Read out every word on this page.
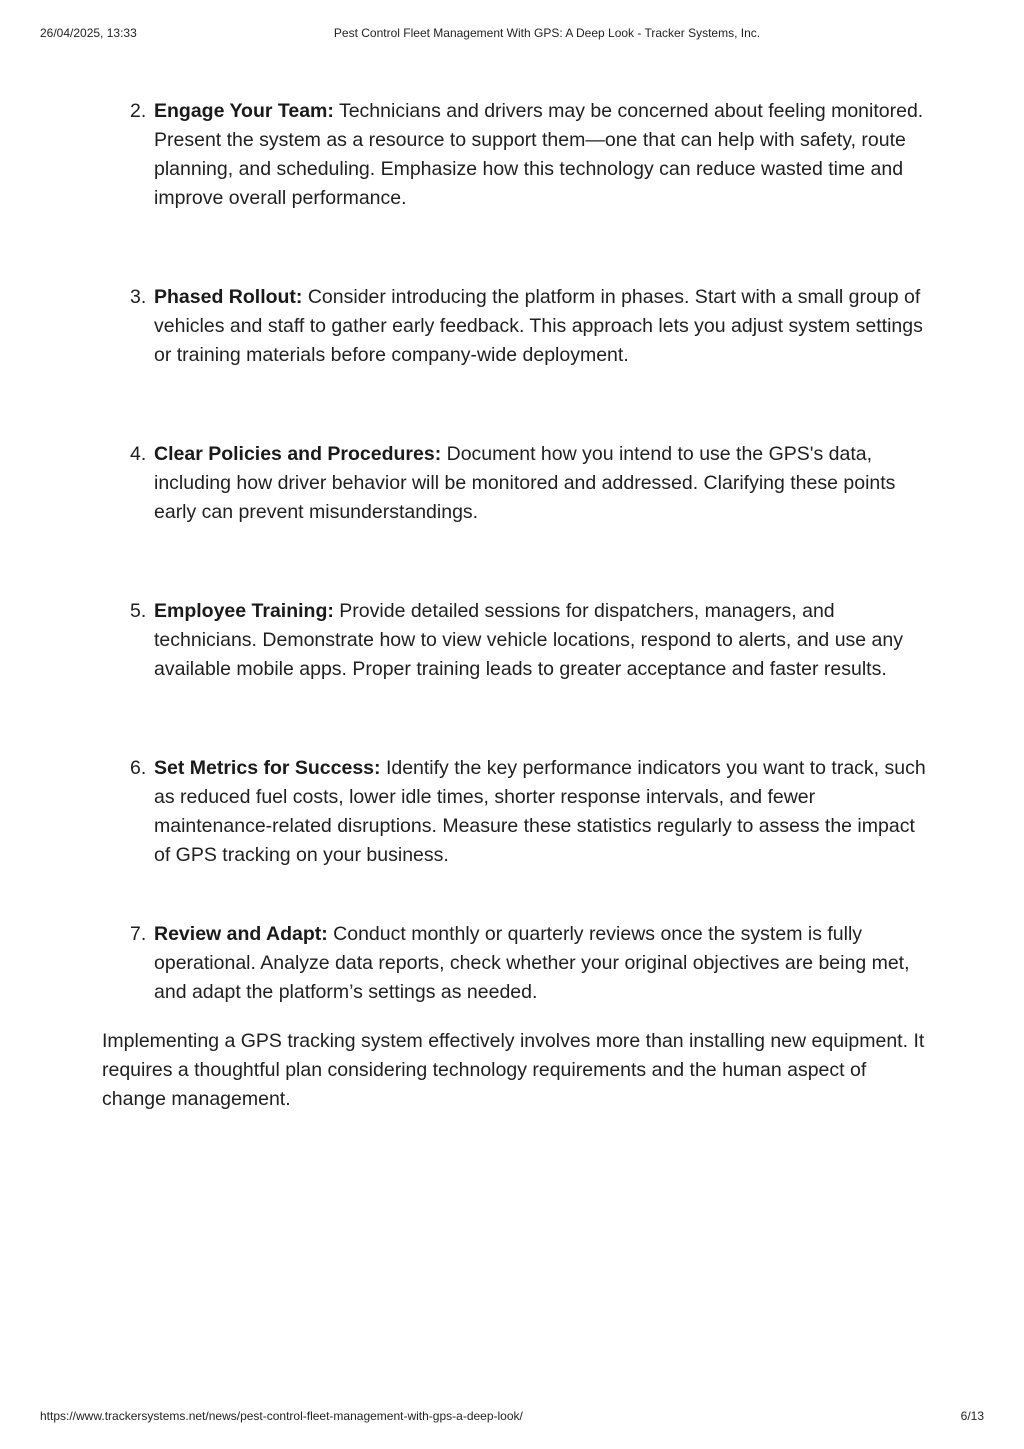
26/04/2025, 13:33	Pest Control Fleet Management With GPS: A Deep Look - Tracker Systems, Inc.
2. Engage Your Team: Technicians and drivers may be concerned about feeling monitored. Present the system as a resource to support them—one that can help with safety, route planning, and scheduling. Emphasize how this technology can reduce wasted time and improve overall performance.
3. Phased Rollout: Consider introducing the platform in phases. Start with a small group of vehicles and staff to gather early feedback. This approach lets you adjust system settings or training materials before company-wide deployment.
4. Clear Policies and Procedures: Document how you intend to use the GPS's data, including how driver behavior will be monitored and addressed. Clarifying these points early can prevent misunderstandings.
5. Employee Training: Provide detailed sessions for dispatchers, managers, and technicians. Demonstrate how to view vehicle locations, respond to alerts, and use any available mobile apps. Proper training leads to greater acceptance and faster results.
6. Set Metrics for Success: Identify the key performance indicators you want to track, such as reduced fuel costs, lower idle times, shorter response intervals, and fewer maintenance-related disruptions. Measure these statistics regularly to assess the impact of GPS tracking on your business.
7. Review and Adapt: Conduct monthly or quarterly reviews once the system is fully operational. Analyze data reports, check whether your original objectives are being met, and adapt the platform’s settings as needed.

Implementing a GPS tracking system effectively involves more than installing new equipment. It requires a thoughtful plan considering technology requirements and the human aspect of change management.

https://www.trackersystems.net/news/pest-control-fleet-management-with-gps-a-deep-look/	6/13
